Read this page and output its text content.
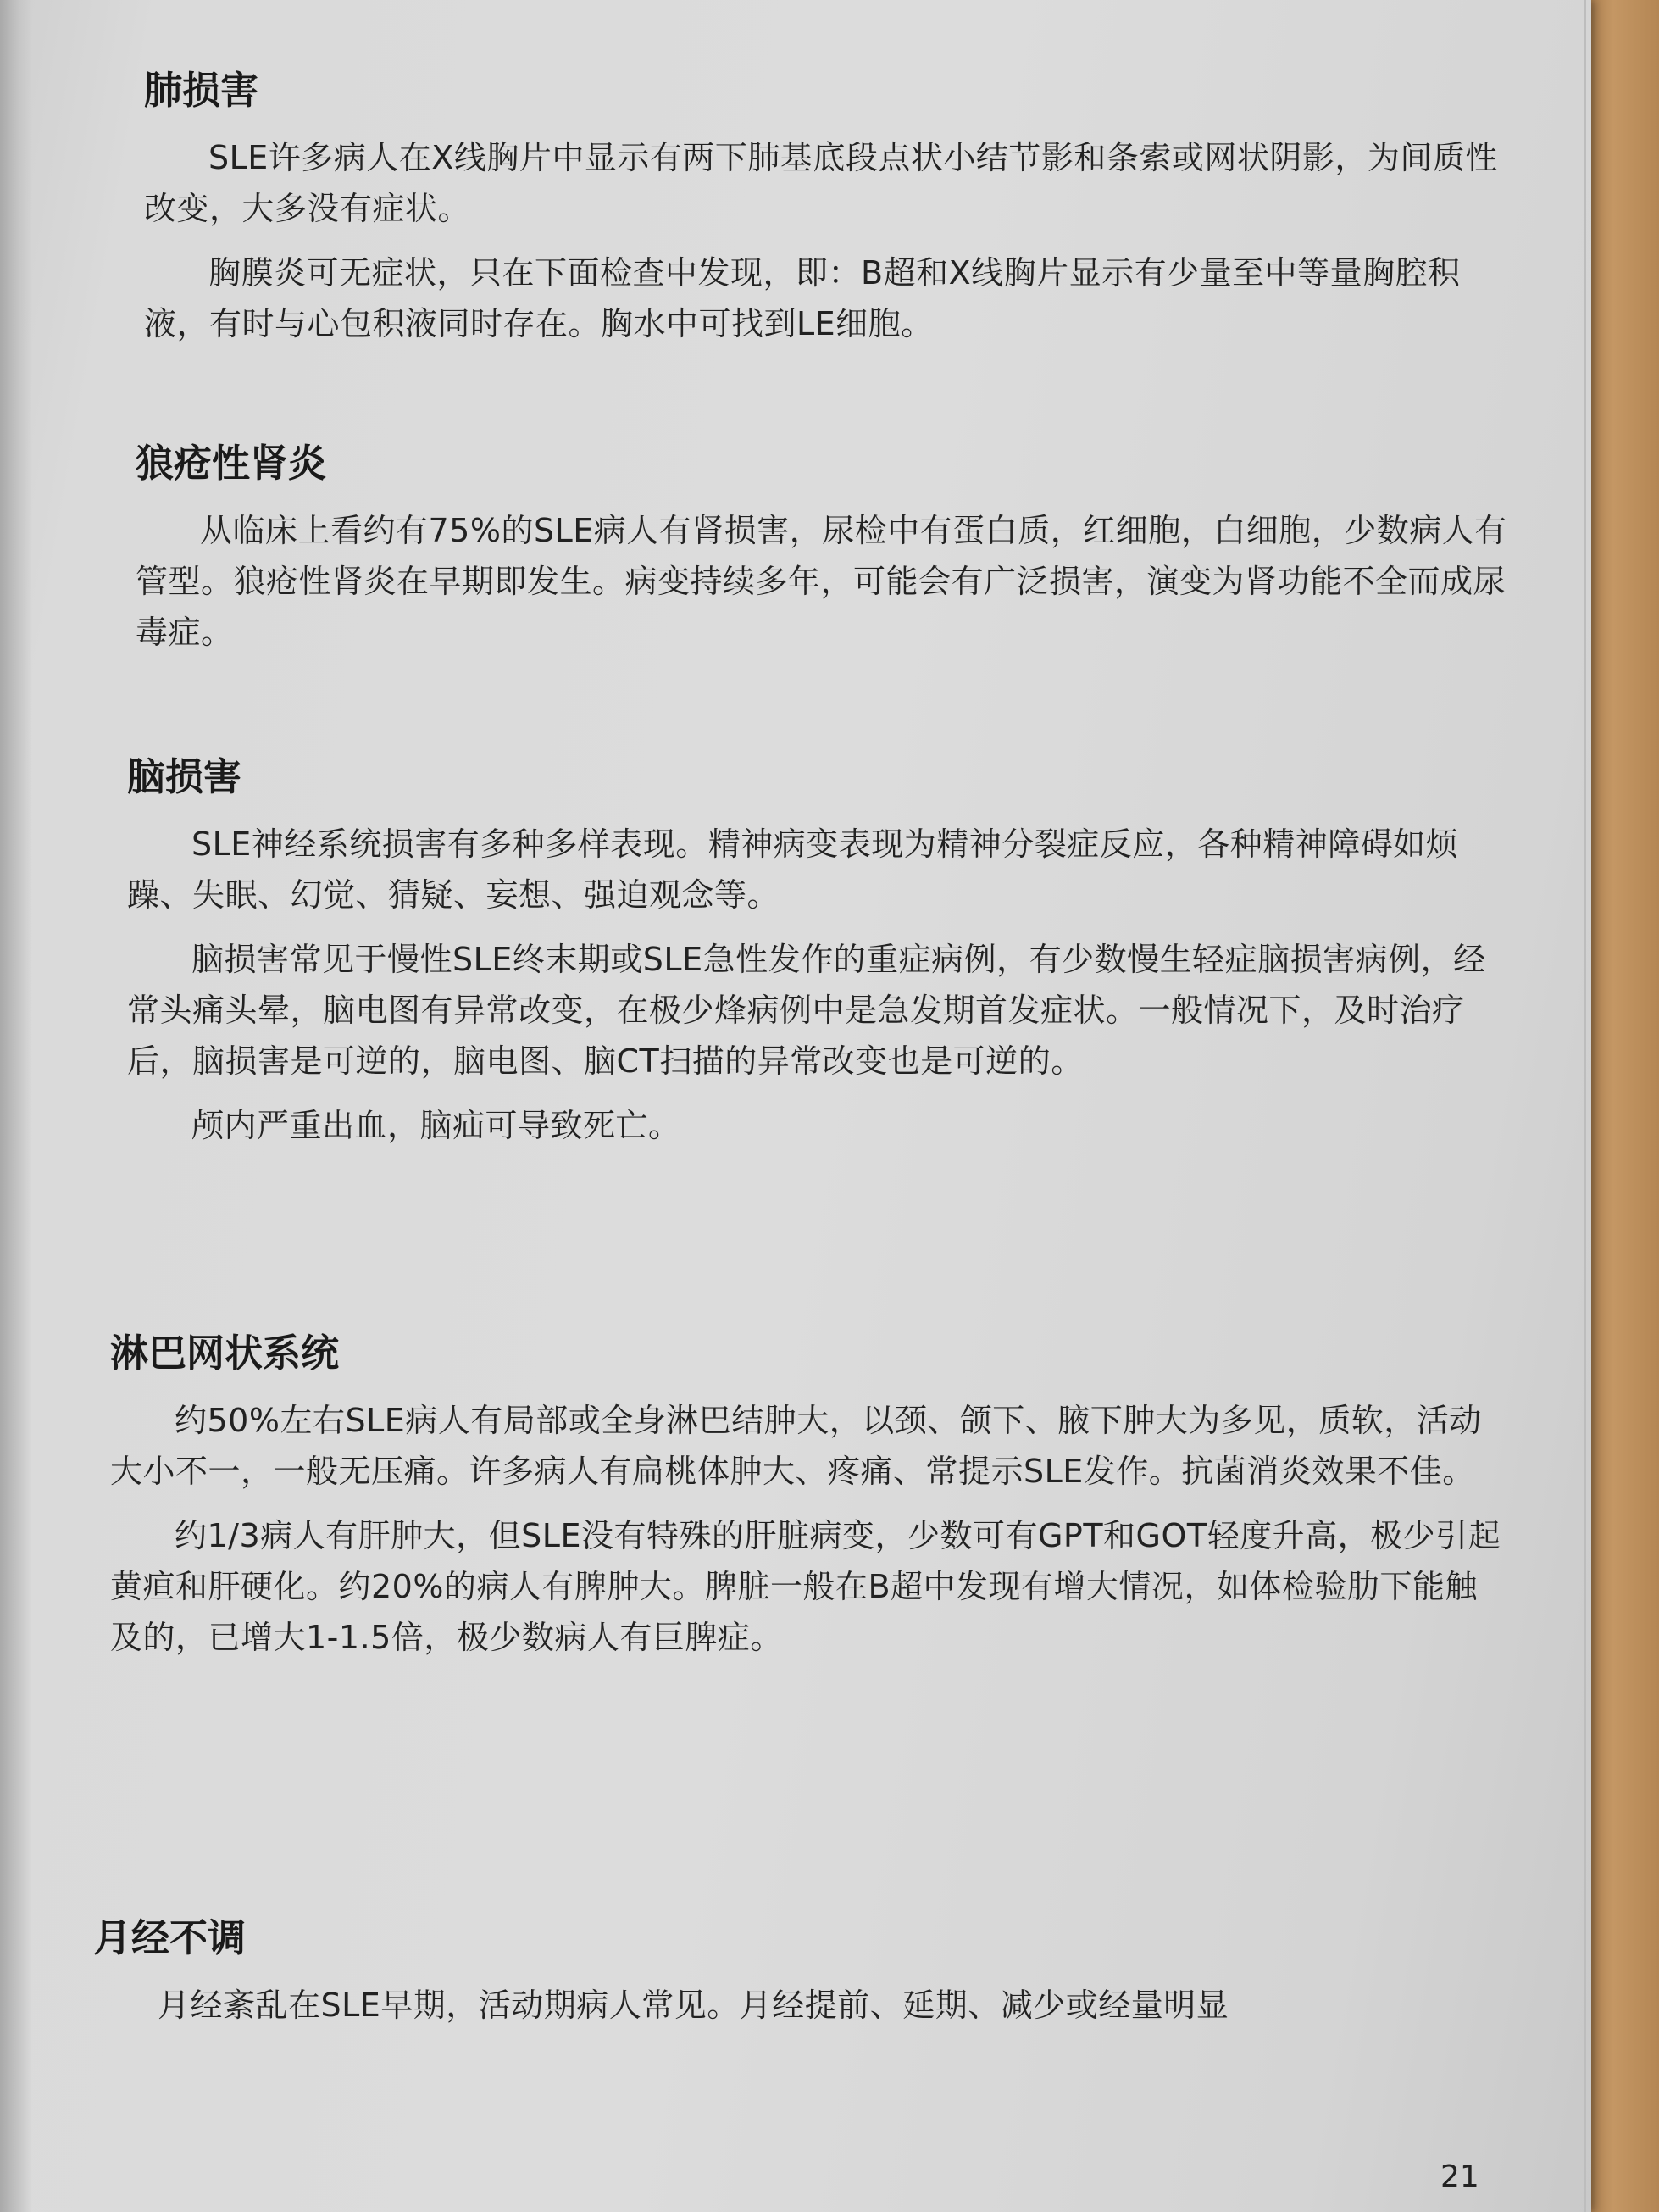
肺损害

SLE许多病人在X线胸片中显示有两下肺基底段点状小结节影和条索或网状阴影，为间质性改变，大多没有症状。

胸膜炎可无症状，只在下面检查中发现，即：B超和X线胸片显示有少量至中等量胸腔积液，有时与心包积液同时存在。胸水中可找到LE细胞。

狼疮性肾炎

从临床上看约有75%的SLE病人有肾损害，尿检中有蛋白质，红细胞，白细胞，少数病人有管型。狼疮性肾炎在早期即发生。病变持续多年，可能会有广泛损害，演变为肾功能不全而成尿毒症。

脑损害

SLE神经系统损害有多种多样表现。精神病变表现为精神分裂症反应，各种精神障碍如烦躁、失眠、幻觉、猜疑、妄想、强迫观念等。

脑损害常见于慢性SLE终末期或SLE急性发作的重症病例，有少数慢生轻症脑损害病例，经常头痛头晕，脑电图有异常改变，在极少烽病例中是急发期首发症状。一般情况下，及时治疗后，脑损害是可逆的，脑电图、脑CT扫描的异常改变也是可逆的。

颅内严重出血，脑疝可导致死亡。

淋巴网状系统

约50%左右SLE病人有局部或全身淋巴结肿大，以颈、颌下、腋下肿大为多见，质软，活动大小不一，一般无压痛。许多病人有扁桃体肿大、疼痛、常提示SLE发作。抗菌消炎效果不佳。

约1/3病人有肝肿大，但SLE没有特殊的肝脏病变，少数可有GPT和GOT轻度升高，极少引起黄疸和肝硬化。约20%的病人有脾肿大。脾脏一般在B超中发现有增大情况，如体检验肋下能触及的，已增大1-1.5倍，极少数病人有巨脾症。

月经不调

月经紊乱在SLE早期，活动期病人常见。月经提前、延期、减少或经量明显

21
